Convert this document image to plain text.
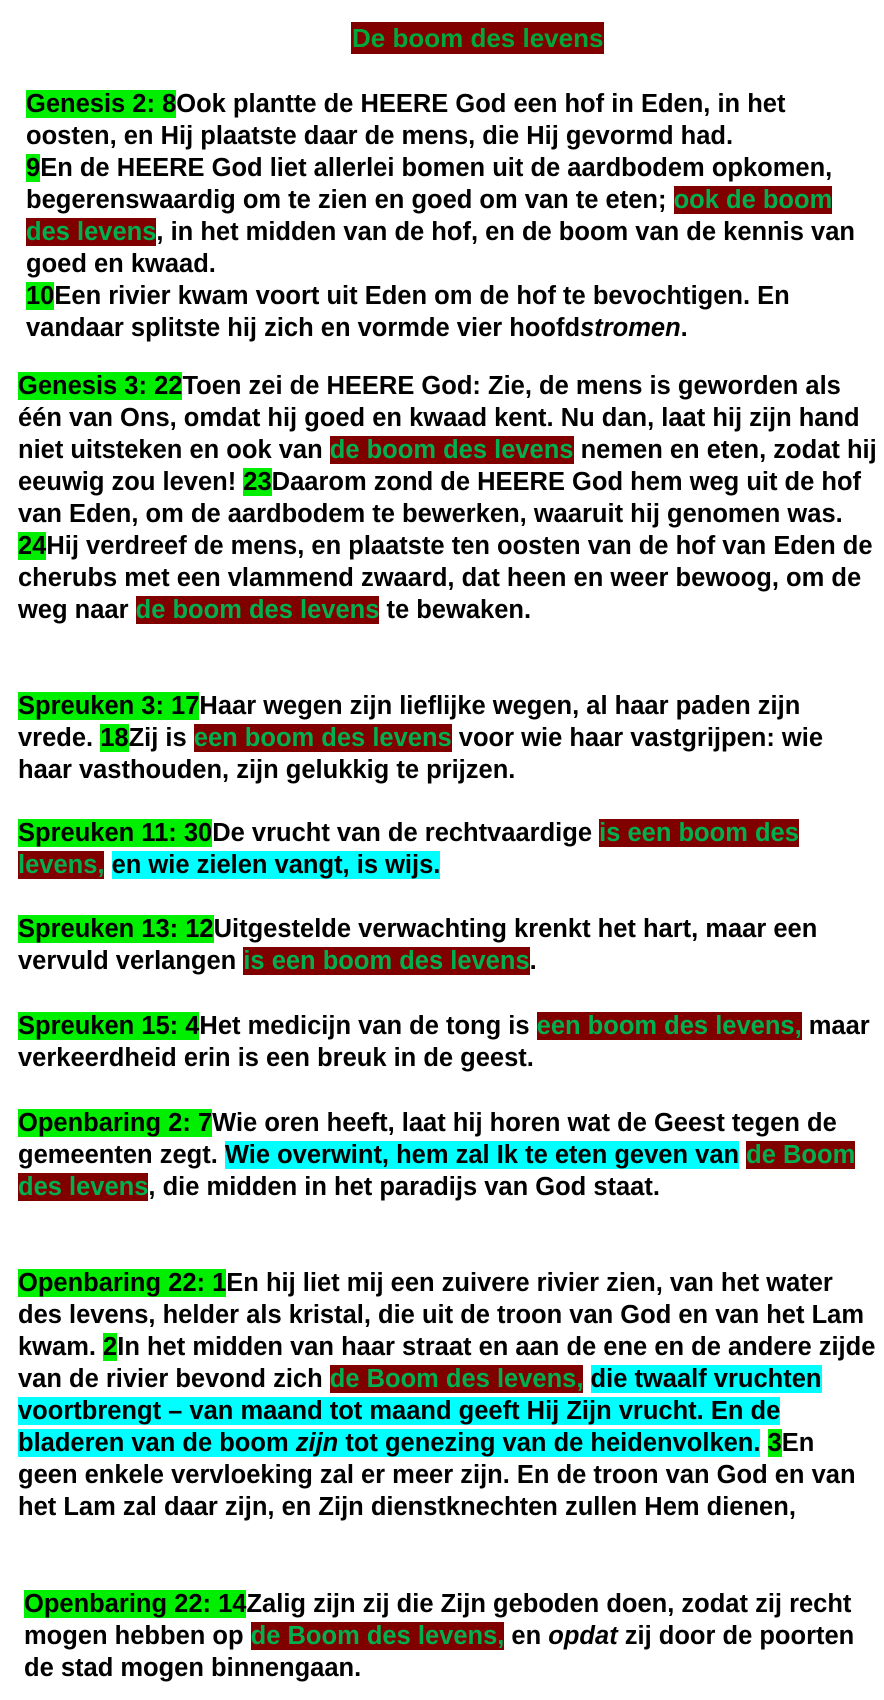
De boom des levens

Genesis 2: 8Ook plantte de HEERE God een hof in Eden, in het oosten, en Hij plaatste daar de mens, die Hij gevormd had.
9En de HEERE God liet allerlei bomen uit de aardbodem opkomen, begerenswaardig om te zien en goed om van te eten; ook de boom des levens, in het midden van de hof, en de boom van de kennis van goed en kwaad.
10Een rivier kwam voort uit Eden om de hof te bevochtigen. En vandaar splitste hij zich en vormde vier hoofdstromen.

Genesis 3: 22Toen zei de HEERE God: Zie, de mens is geworden als één van Ons, omdat hij goed en kwaad kent. Nu dan, laat hij zijn hand niet uitsteken en ook van de boom des levens nemen en eten, zodat hij eeuwig zou leven! 23Daarom zond de HEERE God hem weg uit de hof van Eden, om de aardbodem te bewerken, waaruit hij genomen was. 24Hij verdreef de mens, en plaatste ten oosten van de hof van Eden de cherubs met een vlammend zwaard, dat heen en weer bewoog, om de weg naar de boom des levens te bewaken.

Spreuken 3: 17Haar wegen zijn lieflijke wegen, al haar paden zijn vrede. 18Zij is een boom des levens voor wie haar vastgrijpen: wie haar vasthouden, zijn gelukkig te prijzen.

Spreuken 11: 30De vrucht van de rechtvaardige is een boom des levens, en wie zielen vangt, is wijs.

Spreuken 13: 12Uitgestelde verwachting krenkt het hart, maar een vervuld verlangen is een boom des levens.

Spreuken 15: 4Het medicijn van de tong is een boom des levens, maar verkeerdheid erin is een breuk in de geest.

Openbaring 2: 7Wie oren heeft, laat hij horen wat de Geest tegen de gemeenten zegt. Wie overwint, hem zal Ik te eten geven van de Boom des levens, die midden in het paradijs van God staat.

Openbaring 22: 1En hij liet mij een zuivere rivier zien, van het water des levens, helder als kristal, die uit de troon van God en van het Lam kwam. 2In het midden van haar straat en aan de ene en de andere zijde van de rivier bevond zich de Boom des levens, die twaalf vruchten voortbrengt – van maand tot maand geeft Hij Zijn vrucht. En de bladeren van de boom zijn tot genezing van de heidenvolken. 3En geen enkele vervloeking zal er meer zijn. En de troon van God en van het Lam zal daar zijn, en Zijn dienstknechten zullen Hem dienen,

Openbaring 22: 14Zalig zijn zij die Zijn geboden doen, zodat zij recht mogen hebben op de Boom des levens, en opdat zij door de poorten de stad mogen binnengaan.
